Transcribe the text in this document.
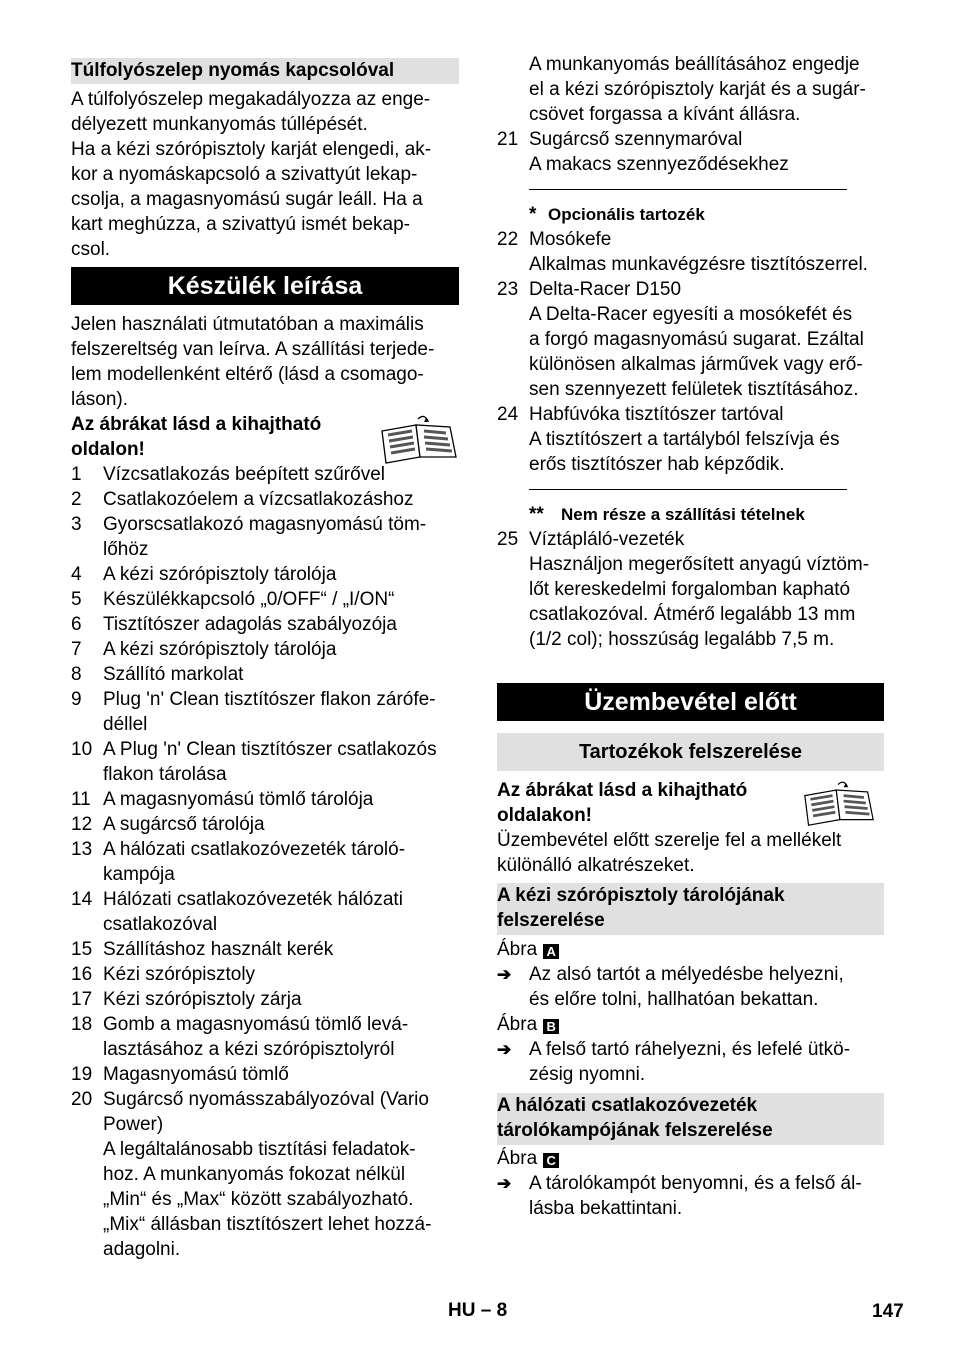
Túlfolyószelep nyomás kapcsolóval
A túlfolyószelep megakadályozza az enge-
délyezett munkanyomás túllépését.
Ha a kézi szórópisztoly karját elengedi, ak-
kor a nyomáskapcsoló a szivattyút lekap-
csolja, a magasnyomású sugár leáll. Ha a
kart meghúzza, a szivattyú ismét bekap-
csol.
Készülék leírása
Jelen használati útmutatóban a maximális
felszereltség van leírva. A szállítási terjede-
lem modellenként eltérő (lásd a csomago-
láson).
Az ábrákat lásd a kihajtható
oldalon!
1 Vízcsatlakozás beépített szűrővel
2 Csatlakozóelem a vízcsatlakozáshoz
3 Gyorscsatlakozó magasnyomású töm-
lőhöz
4 A kézi szórópisztoly tárolója
5 Készülékkapcsoló „0/OFF“ / „I/ON“
6 Tisztítószer adagolás szabályozója
7 A kézi szórópisztoly tárolója
8 Szállító markolat
9 Plug 'n' Clean tisztítószer flakon zárófe-
déllel
10 A Plug 'n' Clean tisztítószer csatlakozós
flakon tárolása
11 A magasnyomású tömlő tárolója
12 A sugárcső tárolója
13 A hálózati csatlakozóvezeték tároló-
kampója
14 Hálózati csatlakozóvezeték hálózati
csatlakozóval
15 Szállításhoz használt kerék
16 Kézi szórópisztoly
17 Kézi szórópisztoly zárja
18 Gomb a magasnyomású tömlő levá-
lasztásához a kézi szórópisztolyról
19 Magasnyomású tömlő
20 Sugárcső nyomásszabályozóval (Vario
Power)
A legáltalánosabb tisztítási feladatok-
hoz. A munkanyomás fokozat nélkül
„Min“ és „Max“ között szabályozható.
„Mix“ állásban tisztítószert lehet hozzá-
adagolni.
A munkanyomás beállításához engedje
el a kézi szórópisztoly karját és a sugár-
csövet forgassa a kívánt állásra.
21 Sugárcső szennymaróval
A makacs szennyeződésekhez
* Opcionális tartozék
22 Mosókefe
Alkalmas munkavégzésre tisztítószerrel.
23 Delta-Racer D150
A Delta-Racer egyesíti a mosókefét és
a forgó magasnyomású sugarat. Ezáltal
különösen alkalmas járművek vagy erő-
sen szennyezett felületek tisztításához.
24 Habfúvóka tisztítószer tartóval
A tisztítószert a tartályból felszívja és
erős tisztítószer hab képződik.
** Nem része a szállítási tételnek
25 Víztápláló-vezeték
Használjon megerősített anyagú víztöm-
lőt kereskedelmi forgalomban kapható
csatlakozóval. Átmérő legalább 13 mm
(1/2 col); hosszúság legalább 7,5 m.
Üzembevétel előtt
Tartozékok felszerelése
Az ábrákat lásd a kihajtható
oldalakon!
Üzembevétel előtt szerelje fel a mellékelt
különálló alkatrészeket.
A kézi szórópisztoly tárolójának
felszerelése
Ábra A
➔ Az alsó tartót a mélyedésbe helyezni,
és előre tolni, hallhatóan bekattan.
Ábra B
➔ A felső tartó ráhelyezni, és lefelé ütkö-
zésig nyomni.
A hálózati csatlakozóvezeték
tárolókampójának felszerelése
Ábra C
➔ A tárolókampót benyomni, és a felső ál-
lásba bekattintani.
HU – 8	147
